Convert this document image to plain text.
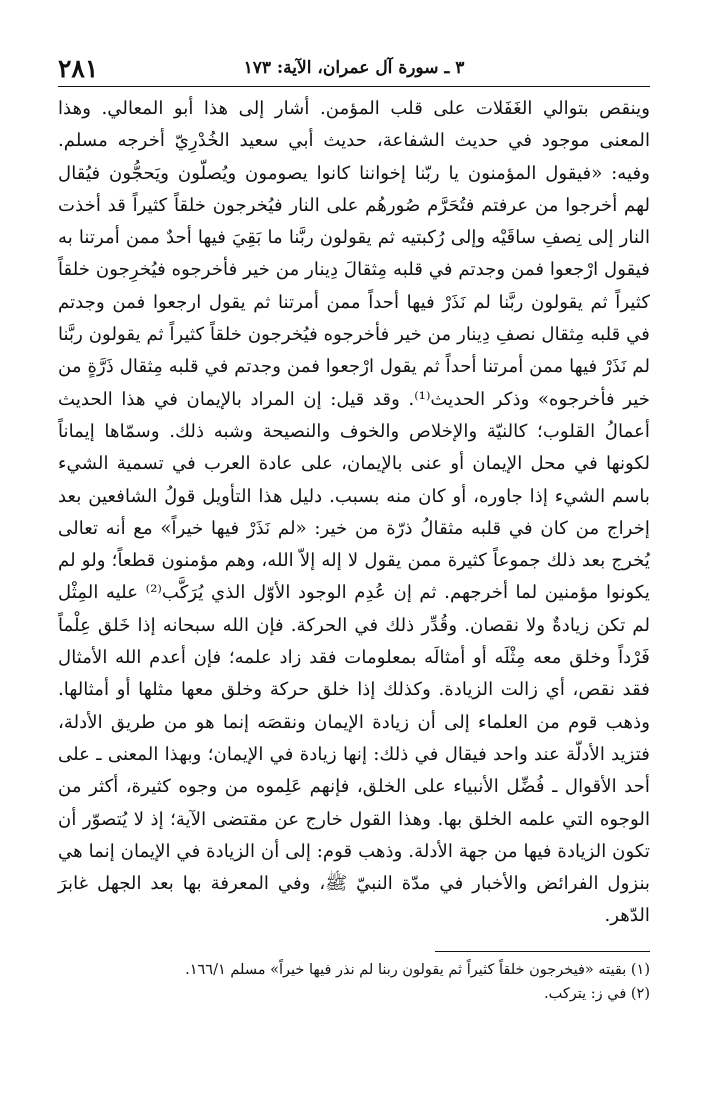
٣ ـ سورة آل عمران، الآية: ١٧٣
٢٨١

وينقص بتوالي الغَفَلات على قلب المؤمن. أشار إلى هذا أبو المعالي. وهذا المعنى موجود في حديث الشفاعة، حديث أبي سعيد الخُدْرِيّ أخرجه مسلم. وفيه: «فيقول المؤمنون يا ربّنا إخواننا كانوا يصومون ويُصلّون ويَحجُّون فيُقال لهم أخرجوا من عرفتم فتُحَرَّم صُورهُم على النار فيُخرجون خلقاً كثيراً قد أخذت النار إلى نِصفِ ساقَيْه وإلى رُكبتيه ثم يقولون ربَّنا ما بَقِيَ فيها أحدٌ ممن أمرتنا به فيقول ارْجعوا فمن وجدتم في قلبه مِثقالَ دِينار من خير فأخرجوه فيُخرِجون خلقاً كثيراً ثم يقولون ربَّنا لم نَذَرْ فيها أحداً ممن أمرتنا ثم يقول ارجعوا فمن وجدتم في قلبه مِثقال نصفِ دِينار من خير فأخرجوه فيُخرجون خلقاً كثيراً ثم يقولون ربَّنا لم نَذَرْ فيها ممن أمرتنا أحداً ثم يقول ارْجعوا فمن وجدتم في قلبه مِثقال ذَرَّةٍ من خير فأخرجوه» وذكر الحديث⁽¹⁾. وقد قيل: إن المراد بالإيمان في هذا الحديث أعمالُ القلوب؛ كالنيّة والإخلاص والخوف والنصيحة وشبه ذلك. وسمّاها إيماناً لكونها في محل الإيمان أو عنى بالإيمان، على عادة العرب في تسمية الشيء باسم الشيء إذا جاوره، أو كان منه بسبب. دليل هذا التأويل قولُ الشافعين بعد إخراج من كان في قلبه مثقالُ ذرّة من خير: «لم نَذَرْ فيها خيراً» مع أنه تعالى يُخرج بعد ذلك جموعاً كثيرة ممن يقول لا إله إلاّ الله، وهم مؤمنون قطعاً؛ ولو لم يكونوا مؤمنين لما أخرجهم. ثم إن عُدِم الوجود الأوّل الذي يُرَكَّب⁽²⁾ عليه المِثْل لم تكن زيادةٌ ولا نقصان. وقُدِّر ذلك في الحركة. فإن الله سبحانه إذا خَلق عِلْماً فَرْداً وخلق معه مِثْلَه أو أمثالَه بمعلومات فقد زاد علمه؛ فإن أعدم الله الأمثال فقد نقص، أي زالت الزيادة. وكذلك إذا خلق حركة وخلق معها مثلها أو أمثالها. وذهب قوم من العلماء إلى أن زيادة الإيمان ونقصَه إنما هو من طريق الأدلة، فتزيد الأدلّة عند واحد فيقال في ذلك: إنها زيادة في الإيمان؛ وبهذا المعنى ـ على أحد الأقوال ـ فُضِّل الأنبياء على الخلق، فإنهم عَلِموه من وجوه كثيرة، أكثر من الوجوه التي علمه الخلق بها. وهذا القول خارج عن مقتضى الآية؛ إذ لا يُتصوّر أن تكون الزيادة فيها من جهة الأدلة. وذهب قوم: إلى أن الزيادة في الإيمان إنما هي بنزول الفرائض والأخبار في مدّة النبيّ ﷺ، وفي المعرفة بها بعد الجهل غابرَ الدّهر.

(١) بقيته «فيخرجون خلقاً كثيراً ثم يقولون ربنا لم نذر فيها خيراً» مسلم ١٦٦/١.

(٢) في ز: يترکب.
